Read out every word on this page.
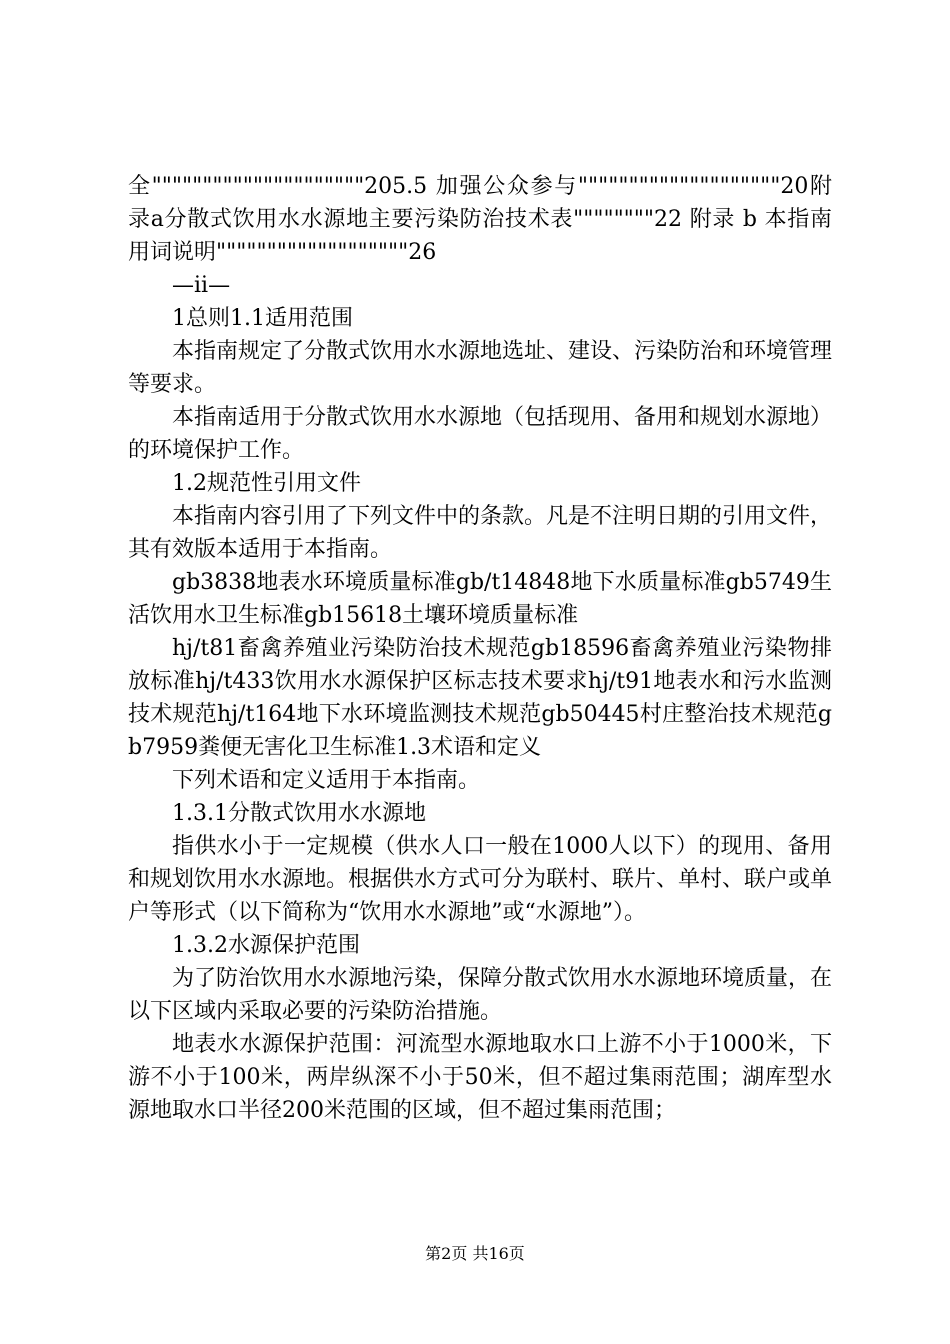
全"""""""""""""""""""""205.5 加强公众参与""""""""""""""""""""20附录a分散式饮用水水源地主要污染防治技术表""""""""22 附录 b 本指南用词说明"""""""""""""""""""26

—ii—

1总则1.1适用范围

本指南规定了分散式饮用水水源地选址、建设、污染防治和环境管理等要求。

本指南适用于分散式饮用水水源地（包括现用、备用和规划水源地）的环境保护工作。

1.2规范性引用文件

本指南内容引用了下列文件中的条款。凡是不注明日期的引用文件，其有效版本适用于本指南。

gb3838地表水环境质量标准gb/t14848地下水质量标准gb5749生活饮用水卫生标准gb15618土壤环境质量标准

hj/t81畜禽养殖业污染防治技术规范gb18596畜禽养殖业污染物排放标准hj/t433饮用水水源保护区标志技术要求hj/t91地表水和污水监测技术规范hj/t164地下水环境监测技术规范gb50445村庄整治技术规范gb7959粪便无害化卫生标准1.3术语和定义

下列术语和定义适用于本指南。

1.3.1分散式饮用水水源地

指供水小于一定规模（供水人口一般在1000人以下）的现用、备用和规划饮用水水源地。根据供水方式可分为联村、联片、单村、联户或单户等形式（以下简称为“饮用水水源地”或“水源地”）。

1.3.2水源保护范围

为了防治饮用水水源地污染，保障分散式饮用水水源地环境质量，在以下区域内采取必要的污染防治措施。

地表水水源保护范围：河流型水源地取水口上游不小于1000米，下游不小于100米，两岸纵深不小于50米，但不超过集雨范围；湖库型水源地取水口半径200米范围的区域，但不超过集雨范围；

第2页 共16页
